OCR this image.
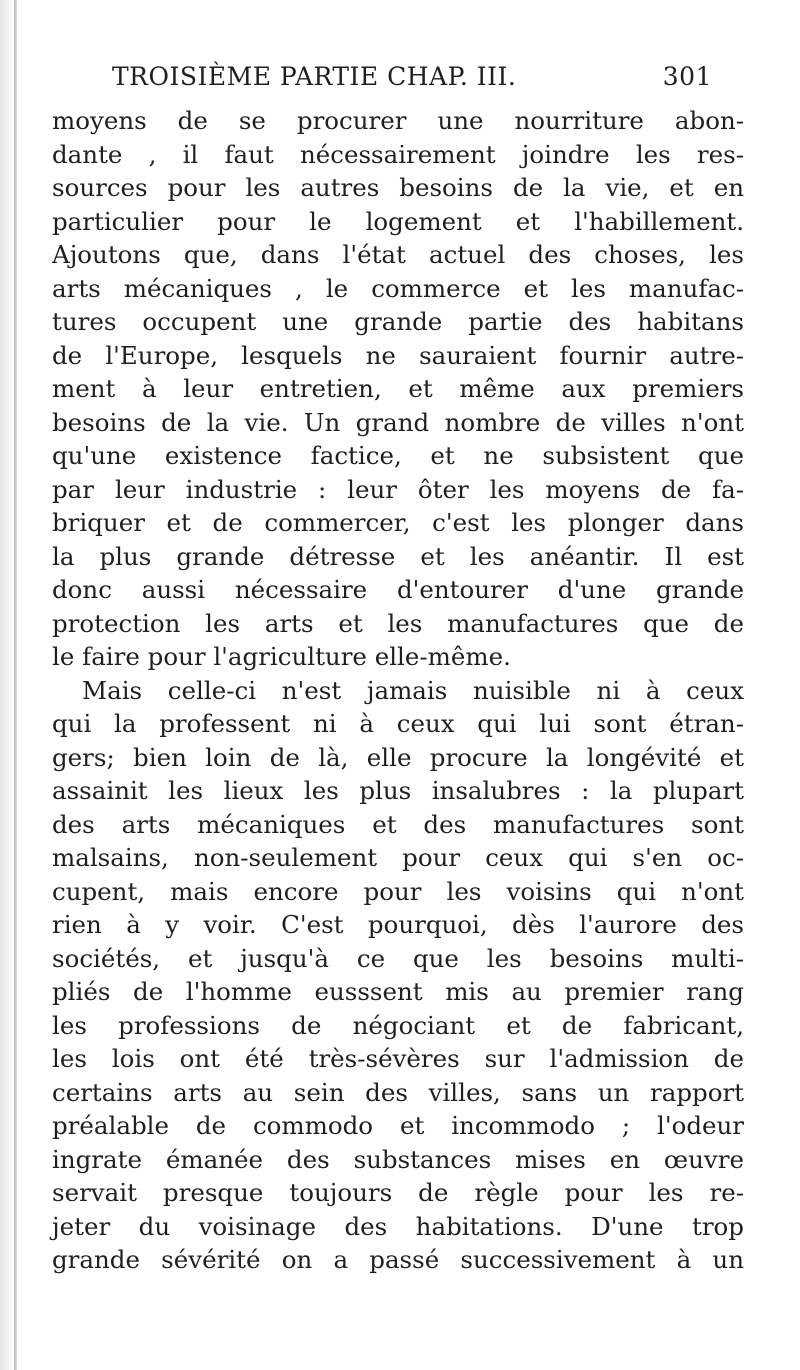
TROISIÈME PARTIE CHAP. III.	301
moyens de se procurer une nourriture abon-
dante , il faut nécessairement joindre les res-
sources pour les autres besoins de la vie, et en
particulier pour le logement et l'habillement.
Ajoutons que, dans l'état actuel des choses, les
arts mécaniques , le commerce et les manufac-
tures occupent une grande partie des habitans
de l'Europe, lesquels ne sauraient fournir autre-
ment à leur entretien, et même aux premiers
besoins de la vie. Un grand nombre de villes n'ont
qu'une existence factice, et ne subsistent que
par leur industrie : leur ôter les moyens de fa-
briquer et de commercer, c'est les plonger dans
la plus grande détresse et les anéantir. Il est
donc aussi nécessaire d'entourer d'une grande
protection les arts et les manufactures que de
le faire pour l'agriculture elle-même.
Mais celle-ci n'est jamais nuisible ni à ceux
qui la professent ni à ceux qui lui sont étran-
gers; bien loin de là, elle procure la longévité et
assainit les lieux les plus insalubres : la plupart
des arts mécaniques et des manufactures sont
malsains, non-seulement pour ceux qui s'en oc-
cupent, mais encore pour les voisins qui n'ont
rien à y voir. C'est pourquoi, dès l'aurore des
sociétés, et jusqu'à ce que les besoins multi-
pliés de l'homme eusssent mis au premier rang
les professions de négociant et de fabricant,
les lois ont été très-sévères sur l'admission de
certains arts au sein des villes, sans un rapport
préalable de commodo et incommodo ; l'odeur
ingrate émanée des substances mises en œuvre
servait presque toujours de règle pour les re-
jeter du voisinage des habitations. D'une trop
grande sévérité on a passé successivement à un
